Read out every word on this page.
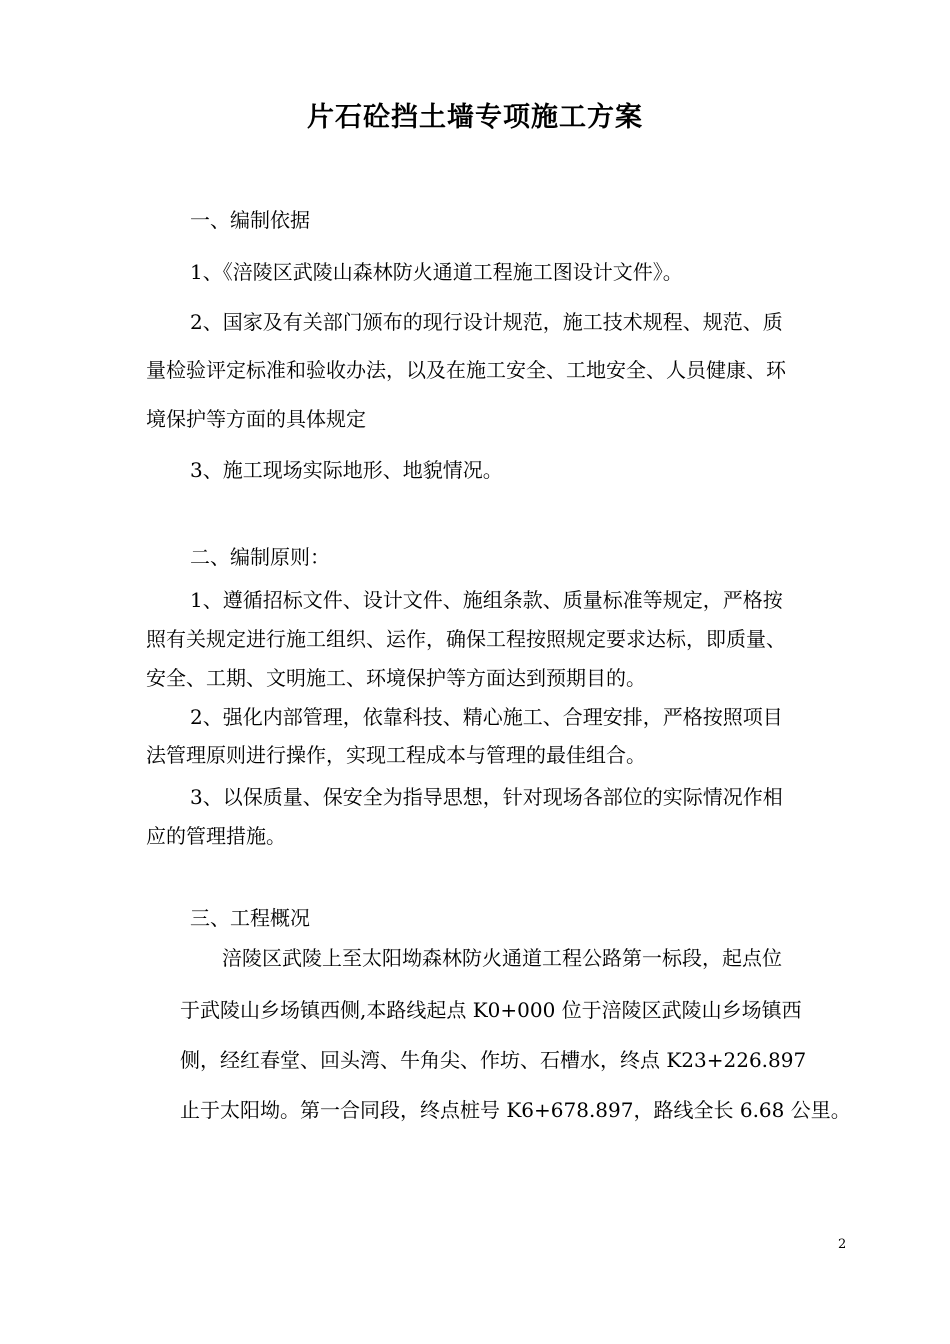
片石砼挡土墙专项施工方案
一、编制依据
1、《涪陵区武陵山森林防火通道工程施工图设计文件》。
2、国家及有关部门颁布的现行设计规范，施工技术规程、规范、质
量检验评定标准和验收办法，以及在施工安全、工地安全、人员健康、环
境保护等方面的具体规定
3、施工现场实际地形、地貌情况。
二、编制原则：
1、遵循招标文件、设计文件、施组条款、质量标准等规定，严格按
照有关规定进行施工组织、运作，确保工程按照规定要求达标，即质量、
安全、工期、文明施工、环境保护等方面达到预期目的。
2、强化内部管理，依靠科技、精心施工、合理安排，严格按照项目
法管理原则进行操作，实现工程成本与管理的最佳组合。
3、以保质量、保安全为指导思想，针对现场各部位的实际情况作相
应的管理措施。
三、工程概况
涪陵区武陵上至太阳坳森林防火通道工程公路第一标段，起点位
于武陵山乡场镇西侧,本路线起点 K0+000 位于涪陵区武陵山乡场镇西
侧，经红春堂、回头湾、牛角尖、作坊、石槽水，终点 K23+226.897
止于太阳坳。第一合同段，终点桩号 K6+678.897，路线全长 6.68 公里。
2
